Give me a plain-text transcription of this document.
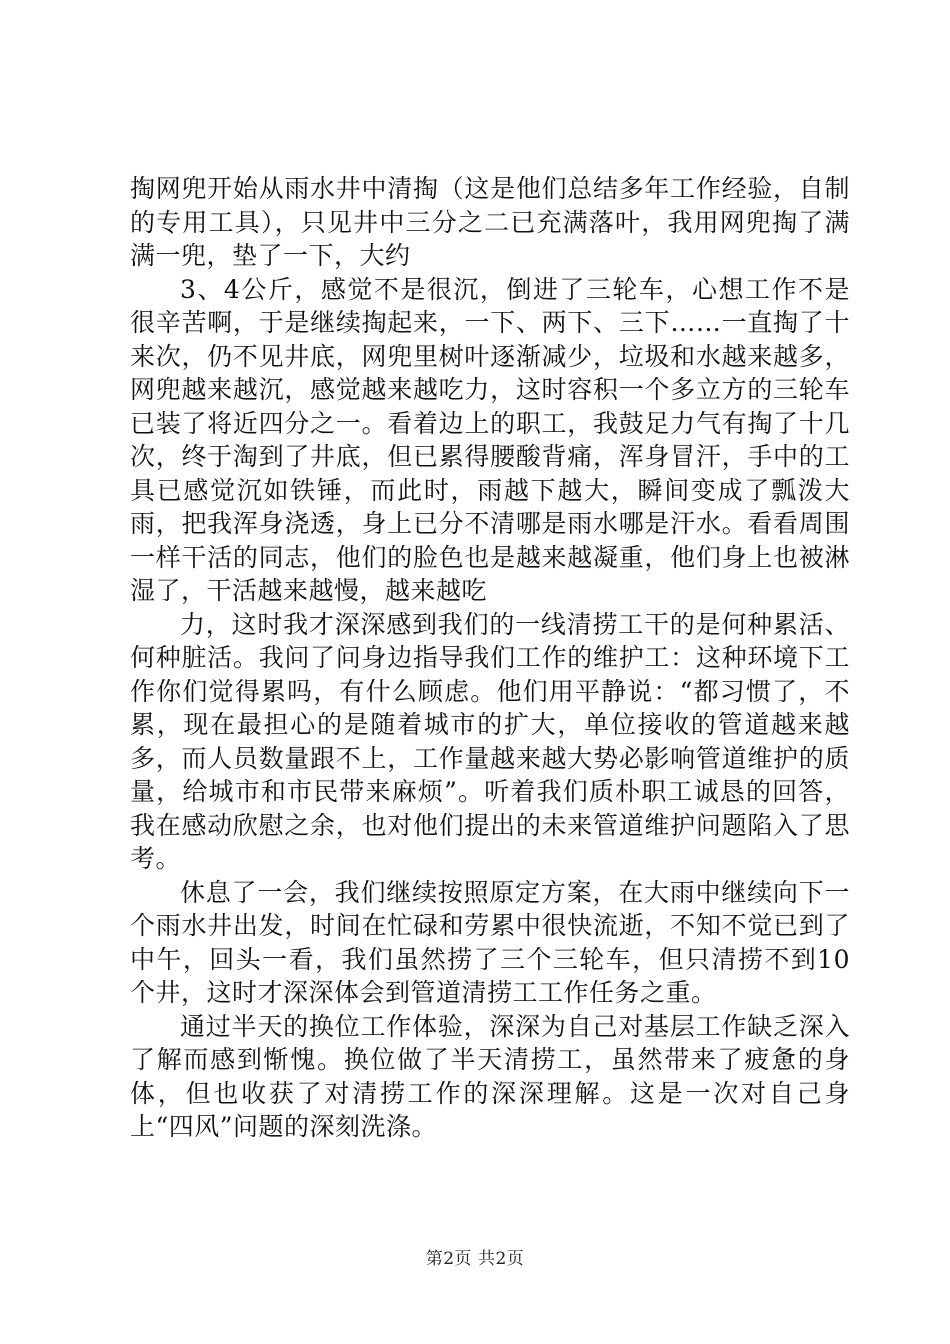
掏网兜开始从雨水井中清掏（这是他们总结多年工作经验，自制的专用工具），只见井中三分之二已充满落叶，我用网兜掏了满满一兜，垫了一下，大约

3、4公斤，感觉不是很沉，倒进了三轮车，心想工作不是很辛苦啊，于是继续掏起来，一下、两下、三下……一直掏了十来次，仍不见井底，网兜里树叶逐渐减少，垃圾和水越来越多，网兜越来越沉，感觉越来越吃力，这时容积一个多立方的三轮车已装了将近四分之一。看着边上的职工，我鼓足力气有掏了十几次，终于淘到了井底，但已累得腰酸背痛，浑身冒汗，手中的工具已感觉沉如铁锤，而此时，雨越下越大，瞬间变成了瓢泼大雨，把我浑身浇透，身上已分不清哪是雨水哪是汗水。看看周围一样干活的同志，他们的脸色也是越来越凝重，他们身上也被淋湿了，干活越来越慢，越来越吃

力，这时我才深深感到我们的一线清捞工干的是何种累活、何种脏活。我问了问身边指导我们工作的维护工：这种环境下工作你们觉得累吗，有什么顾虑。他们用平静说：“都习惯了，不累，现在最担心的是随着城市的扩大，单位接收的管道越来越多，而人员数量跟不上，工作量越来越大势必影响管道维护的质量，给城市和市民带来麻烦”。听着我们质朴职工诚恳的回答，我在感动欣慰之余，也对他们提出的未来管道维护问题陷入了思考。

休息了一会，我们继续按照原定方案，在大雨中继续向下一个雨水井出发，时间在忙碌和劳累中很快流逝，不知不觉已到了中午，回头一看，我们虽然捞了三个三轮车，但只清捞不到10个井，这时才深深体会到管道清捞工工作任务之重。

通过半天的换位工作体验，深深为自己对基层工作缺乏深入了解而感到惭愧。换位做了半天清捞工，虽然带来了疲惫的身体，但也收获了对清捞工作的深深理解。这是一次对自己身上“四风”问题的深刻洗涤。

第2页 共2页
